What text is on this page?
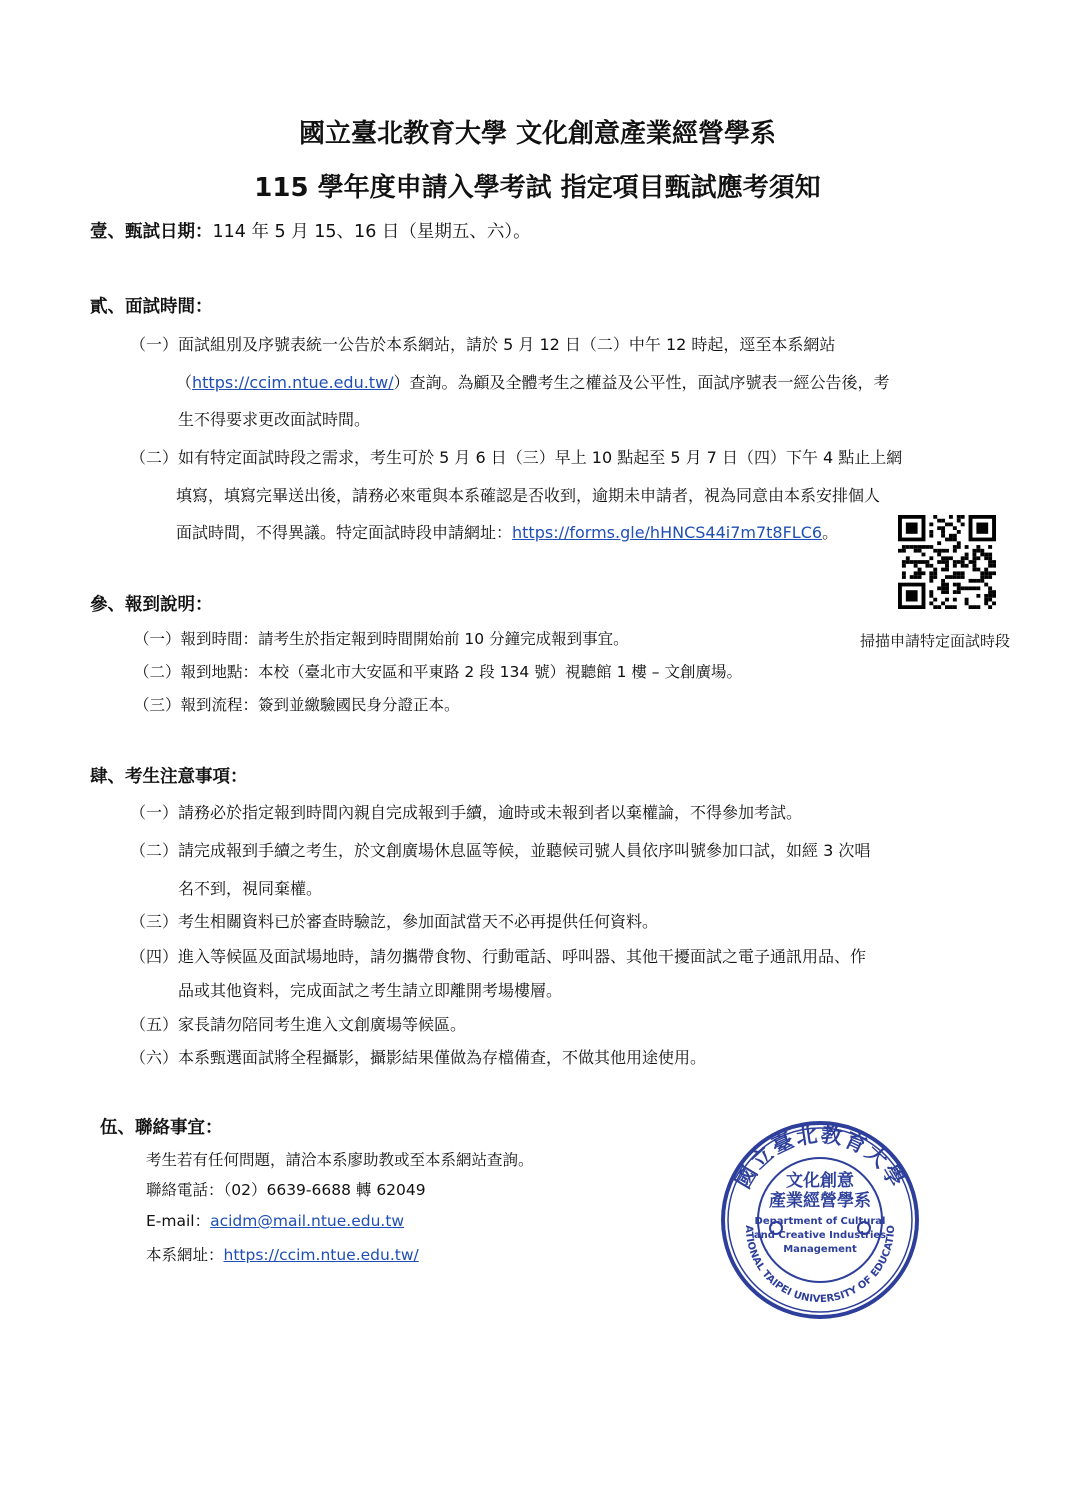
國立臺北教育大學 文化創意產業經營學系
115 學年度申請入學考試 指定項目甄試應考須知
壹、甄試日期：114 年 5 月 15、16 日（星期五、六）。
貳、面試時間：
（一）面試組別及序號表統一公告於本系網站，請於 5 月 12 日（二）中午 12 時起，逕至本系網站
（https://ccim.ntue.edu.tw/）查詢。為顧及全體考生之權益及公平性，面試序號表一經公告後，考
生不得要求更改面試時間。
（二）如有特定面試時段之需求，考生可於 5 月 6 日（三）早上 10 點起至 5 月 7 日（四）下午 4 點止上網
填寫，填寫完畢送出後，請務必來電與本系確認是否收到，逾期未申請者，視為同意由本系安排個人
面試時間，不得異議。特定面試時段申請網址：https://forms.gle/hHNCS44i7m7t8FLC6。
掃描申請特定面試時段
參、報到說明：
（一）報到時間：請考生於指定報到時間開始前 10 分鐘完成報到事宜。
（二）報到地點：本校（臺北市大安區和平東路 2 段 134 號）視聽館 1 樓 – 文創廣場。
（三）報到流程：簽到並繳驗國民身分證正本。
肆、考生注意事項：
（一）請務必於指定報到時間內親自完成報到手續，逾時或未報到者以棄權論，不得參加考試。
（二）請完成報到手續之考生，於文創廣場休息區等候，並聽候司號人員依序叫號參加口試，如經 3 次唱
名不到，視同棄權。
（三）考生相關資料已於審查時驗訖，參加面試當天不必再提供任何資料。
（四）進入等候區及面試場地時，請勿攜帶食物、行動電話、呼叫器、其他干擾面試之電子通訊用品、作
品或其他資料，完成面試之考生請立即離開考場樓層。
（五）家長請勿陪同考生進入文創廣場等候區。
（六）本系甄選面試將全程攝影，攝影結果僅做為存檔備查，不做其他用途使用。
伍、聯絡事宜：
考生若有任何問題，請洽本系廖助教或至本系網站查詢。
聯絡電話：（02）6639-6688 轉 62049
E-mail：acidm@mail.ntue.edu.tw
本系網址：https://ccim.ntue.edu.tw/
國立臺北教育大學
ATIONAL TAIPEI UNIVERSITY OF EDUCATIO
文化創意
產業經營學系
Department of Cultural
and Creative Industries
Management
